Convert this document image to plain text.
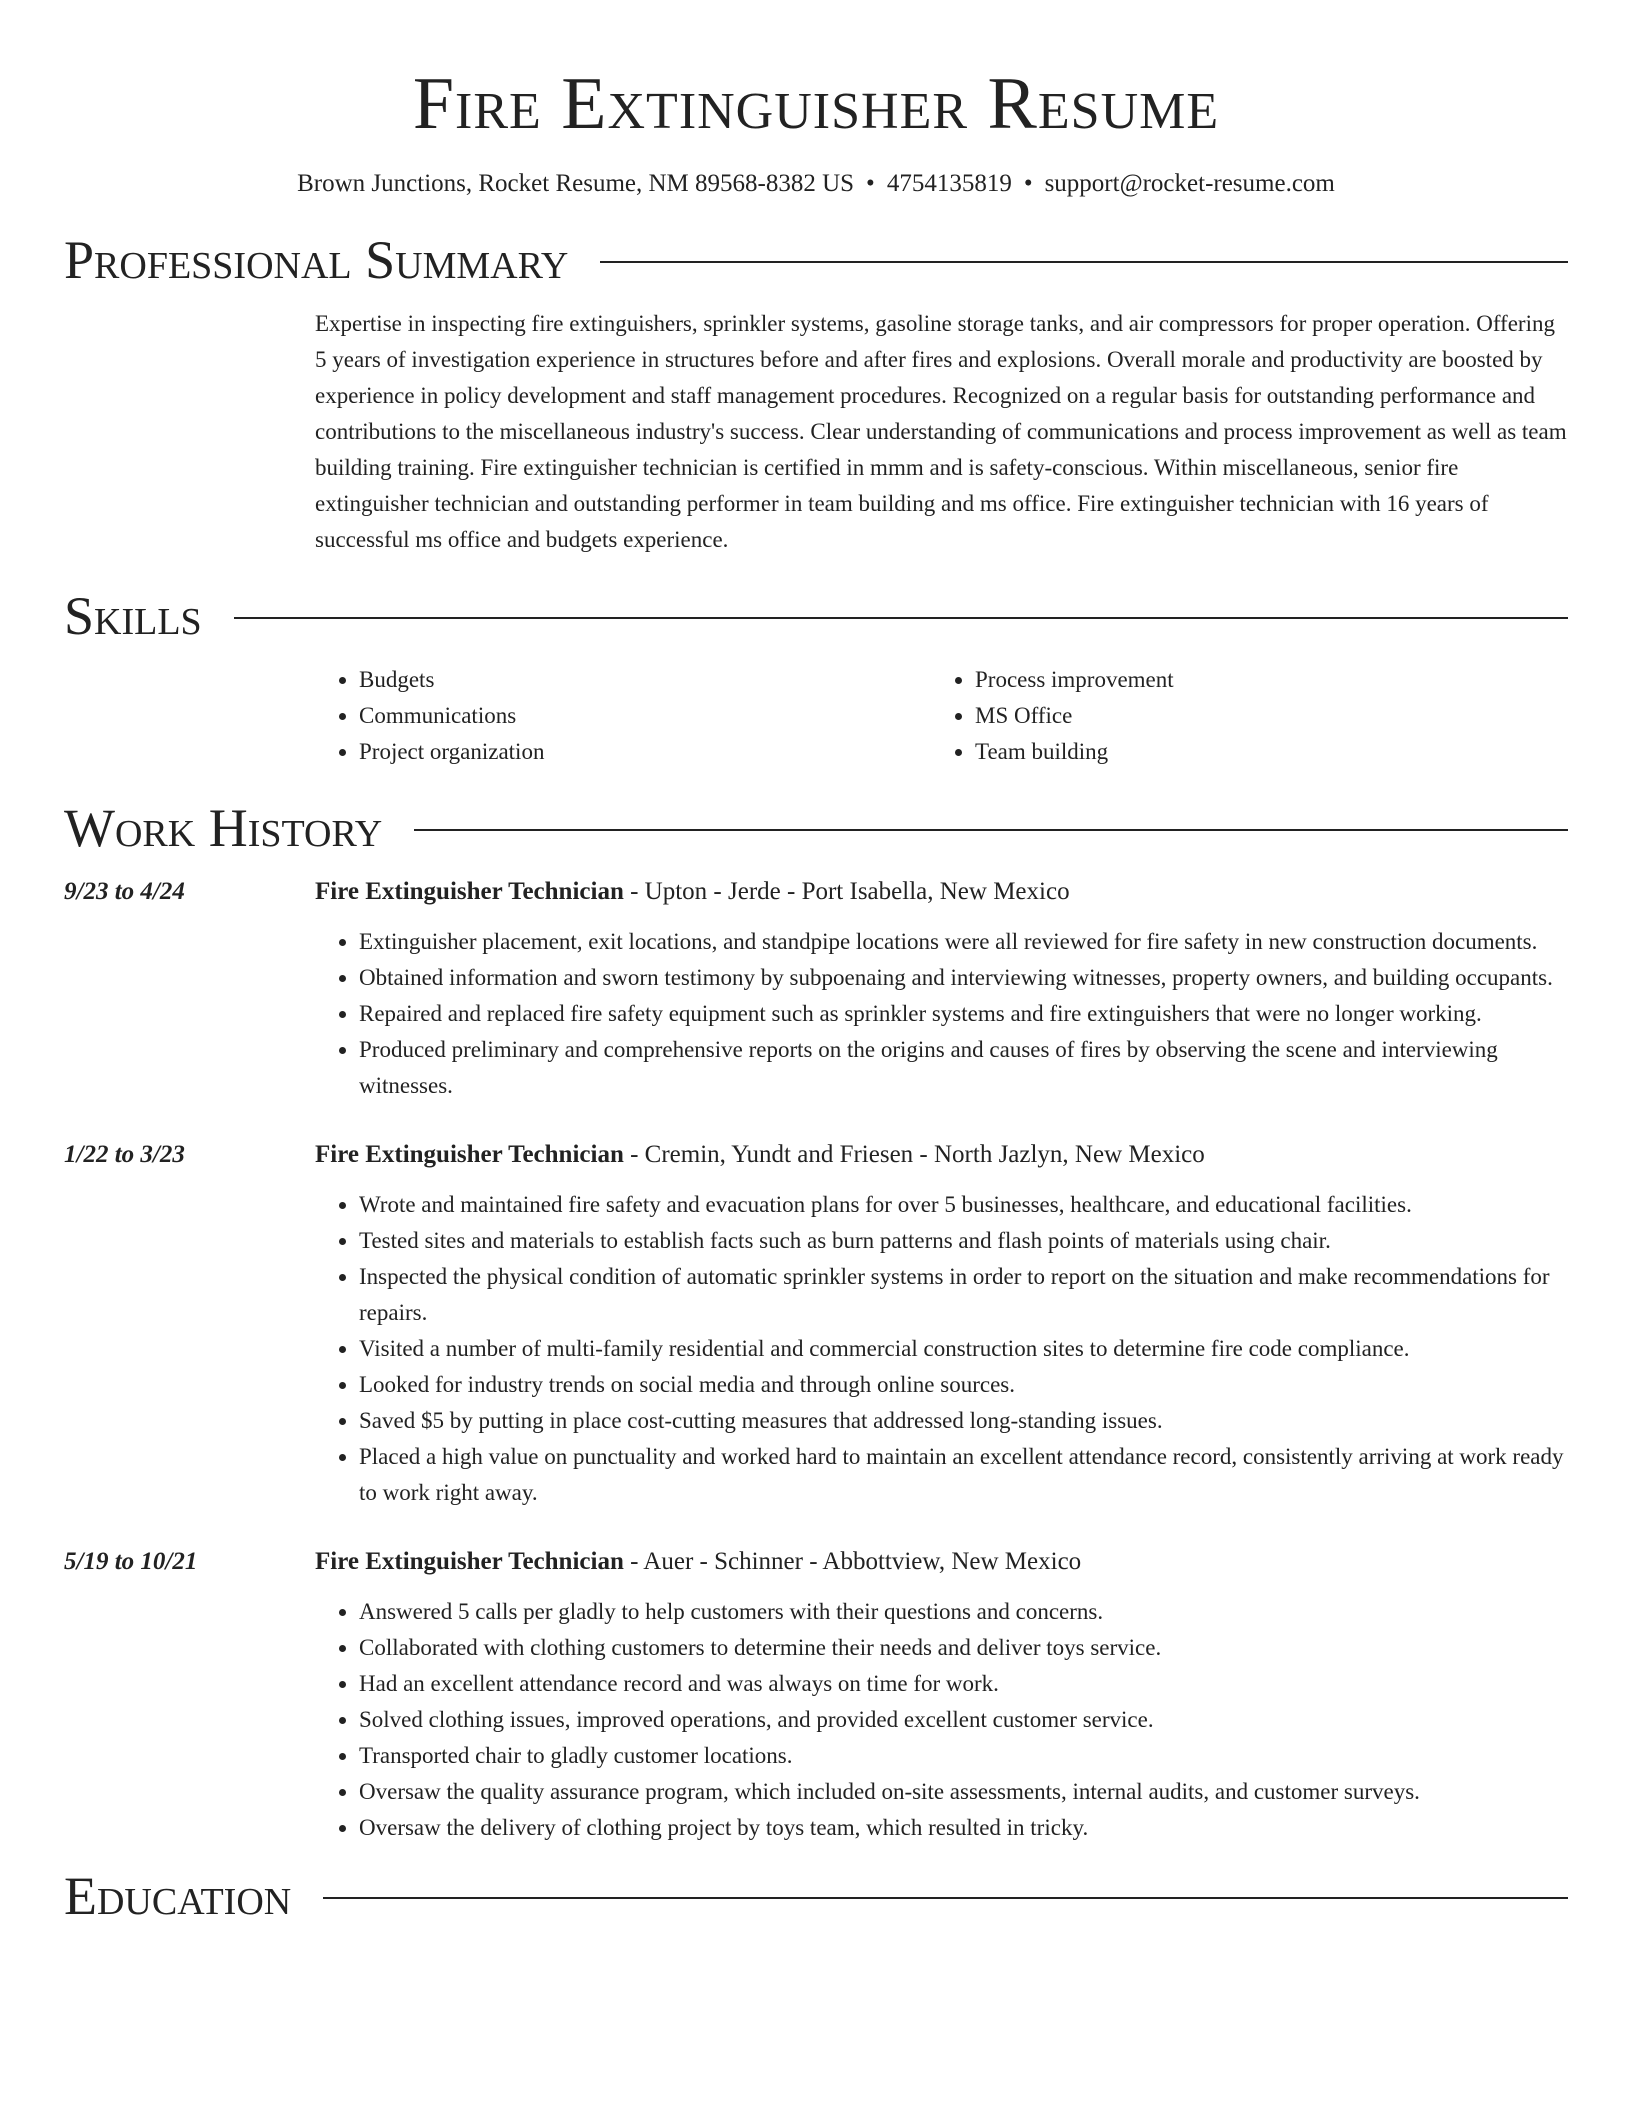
Fire Extinguisher Resume
Brown Junctions, Rocket Resume, NM 89568-8382 US • 4754135819 • support@rocket-resume.com
Professional Summary

Expertise in inspecting fire extinguishers, sprinkler systems, gasoline storage tanks, and air compressors for proper operation. Offering 5 years of investigation experience in structures before and after fires and explosions. Overall morale and productivity are boosted by experience in policy development and staff management procedures. Recognized on a regular basis for outstanding performance and contributions to the miscellaneous industry's success. Clear understanding of communications and process improvement as well as team building training. Fire extinguisher technician is certified in mmm and is safety-conscious. Within miscellaneous, senior fire extinguisher technician and outstanding performer in team building and ms office. Fire extinguisher technician with 16 years of successful ms office and budgets experience.

Skills
• Budgets
• Communications
• Project organization
• Process improvement
• MS Office
• Team building
Work History
9/23 to 4/24	Fire Extinguisher Technician - Upton - Jerde - Port Isabella, New Mexico
• Extinguisher placement, exit locations, and standpipe locations were all reviewed for fire safety in new construction documents.
• Obtained information and sworn testimony by subpoenaing and interviewing witnesses, property owners, and building occupants.
• Repaired and replaced fire safety equipment such as sprinkler systems and fire extinguishers that were no longer working.
• Produced preliminary and comprehensive reports on the origins and causes of fires by observing the scene and interviewing witnesses.
1/22 to 3/23	Fire Extinguisher Technician - Cremin, Yundt and Friesen - North Jazlyn, New Mexico
• Wrote and maintained fire safety and evacuation plans for over 5 businesses, healthcare, and educational facilities.
• Tested sites and materials to establish facts such as burn patterns and flash points of materials using chair.
• Inspected the physical condition of automatic sprinkler systems in order to report on the situation and make recommendations for repairs.
• Visited a number of multi-family residential and commercial construction sites to determine fire code compliance.
• Looked for industry trends on social media and through online sources.
• Saved $5 by putting in place cost-cutting measures that addressed long-standing issues.
• Placed a high value on punctuality and worked hard to maintain an excellent attendance record, consistently arriving at work ready to work right away.
5/19 to 10/21	Fire Extinguisher Technician - Auer - Schinner - Abbottview, New Mexico
• Answered 5 calls per gladly to help customers with their questions and concerns.
• Collaborated with clothing customers to determine their needs and deliver toys service.
• Had an excellent attendance record and was always on time for work.
• Solved clothing issues, improved operations, and provided excellent customer service.
• Transported chair to gladly customer locations.
• Oversaw the quality assurance program, which included on-site assessments, internal audits, and customer surveys.
• Oversaw the delivery of clothing project by toys team, which resulted in tricky.
Education
